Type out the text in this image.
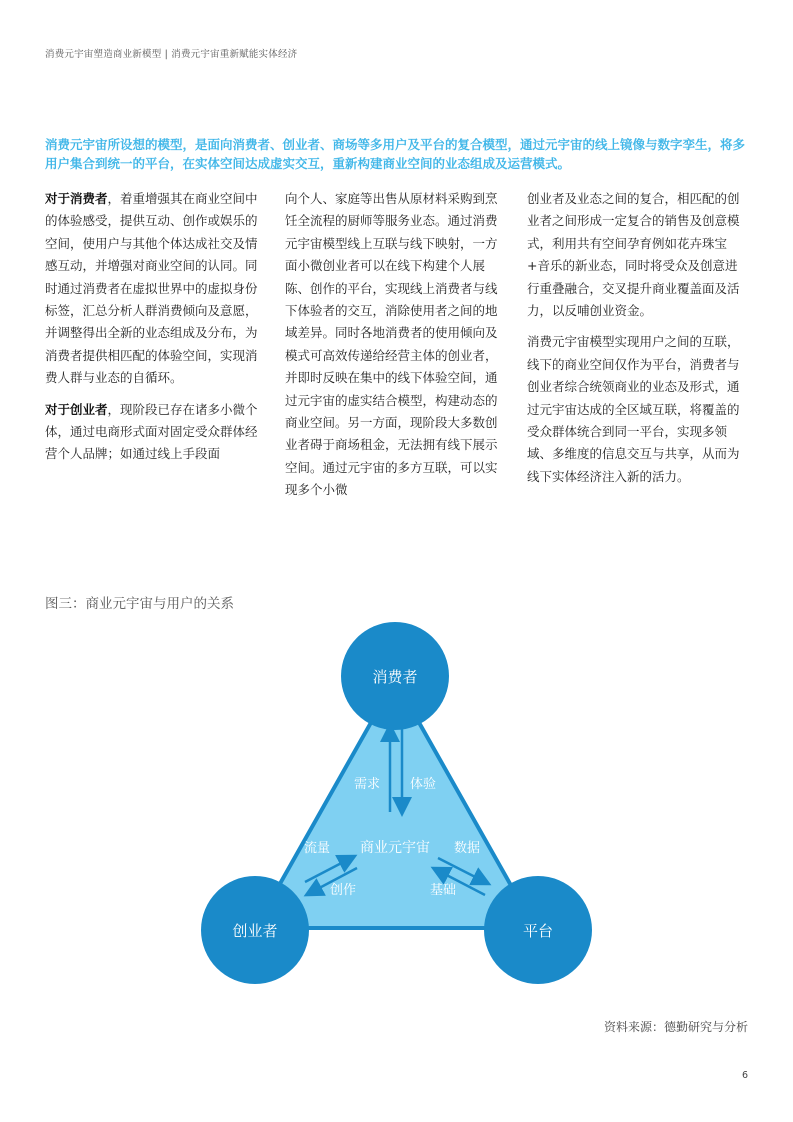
消费元宇宙塑造商业新模型 | 消费元宇宙重新赋能实体经济
消费元宇宙所设想的模型，是面向消费者、创业者、商场等多用户及平台的复合模型，通过元宇宙的线上镜像与数字孪生，将多用户集合到统一的平台，在实体空间达成虚实交互，重新构建商业空间的业态组成及运营模式。

对于消费者，着重增强其在商业空间中的体验感受，提供互动、创作或娱乐的空间，使用户与其他个体达成社交及情感互动，并增强对商业空间的认同。同时通过消费者在虚拟世界中的虚拟身份标签，汇总分析人群消费倾向及意愿，并调整得出全新的业态组成及分布，为消费者提供相匹配的体验空间，实现消费人群与业态的自循环。

对于创业者，现阶段已存在诸多小微个体，通过电商形式面对固定受众群体经营个人品牌；如通过线上手段面

向个人、家庭等出售从原材料采购到烹饪全流程的厨师等服务业态。通过消费元宇宙模型线上互联与线下映射，一方面小微创业者可以在线下构建个人展陈、创作的平台，实现线上消费者与线下体验者的交互，消除使用者之间的地域差异。同时各地消费者的使用倾向及模式可高效传递给经营主体的创业者，并即时反映在集中的线下体验空间，通过元宇宙的虚实结合模型，构建动态的商业空间。另一方面，现阶段大多数创业者碍于商场租金，无法拥有线下展示空间。通过元宇宙的多方互联，可以实现多个小微

创业者及业态之间的复合，相匹配的创业者之间形成一定复合的销售及创意模式，利用共有空间孕育例如花卉珠宝+音乐的新业态，同时将受众及创意进行重叠融合，交叉提升商业覆盖面及活力，以反哺创业资金。

消费元宇宙模型实现用户之间的互联，线下的商业空间仅作为平台，消费者与创业者综合统领商业的业态及形式，通过元宇宙达成的全区域互联，将覆盖的受众群体统合到同一平台，实现多领域、多维度的信息交互与共享，从而为线下实体经济注入新的活力。

图三：商业元宇宙与用户的关系
需求 体验
商业元宇宙
流量
创作
数据
基础
消费者
创业者	平台
资料来源：德勤研究与分析
6
